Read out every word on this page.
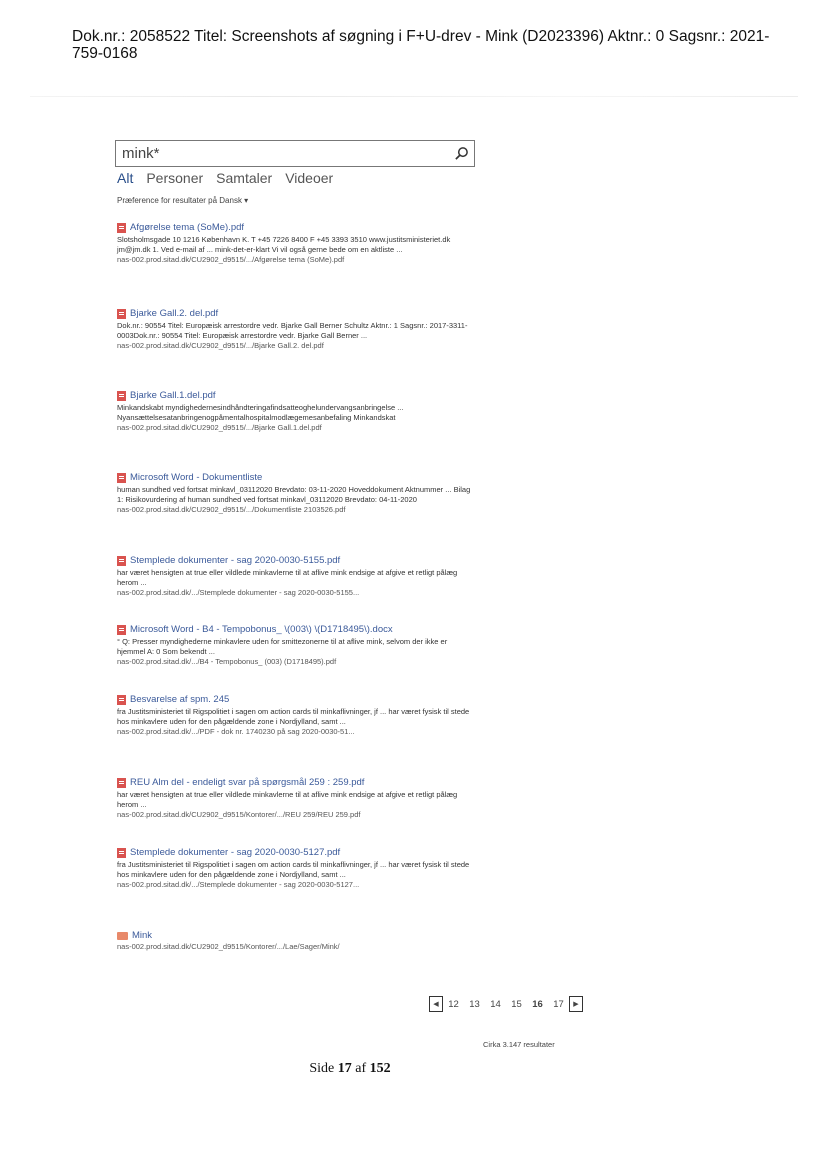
Dok.nr.: 2058522 Titel: Screenshots af søgning i F+U-drev - Mink (D2023396) Aktnr.: 0 Sagsnr.: 2021-759-0168
mink*
Alt Personer Samtaler Videoer
Præference for resultater på Dansk ▾
Afgørelse tema (SoMe).pdf
Slotsholmsgade 10 1216 København K. T +45 7226 8400 F +45 3393 3510 www.justitsministeriet.dk jm@jm.dk 1. Ved e-mail af ... mink-det-er-klart Vi vil også gerne bede om en aktliste ...
nas-002.prod.sitad.dk/CU2902_d9515/.../Afgørelse tema (SoMe).pdf
Bjarke Gall.2. del.pdf
Dok.nr.: 90554 Titel: Europæisk arrestordre vedr. Bjarke Gall Berner Schultz Aktnr.: 1 Sagsnr.: 2017-3311-0003Dok.nr.: 90554 Titel: Europæisk arrestordre vedr. Bjarke Gall Berner ...
nas-002.prod.sitad.dk/CU2902_d9515/.../Bjarke Gall.2. del.pdf
Bjarke Gall.1.del.pdf
Minkandskabt myndighedernesindhåndteringafindsatteoghelundervangsanbringelse ... Nyansættelsesatanbringenogpåmentalhospitalmodlægemesanbefaling Minkandskat
nas-002.prod.sitad.dk/CU2902_d9515/.../Bjarke Gall.1.del.pdf
Microsoft Word - Dokumentliste
human sundhed ved fortsat minkavl_03112020 Brevdato: 03-11-2020 Hoveddokument Aktnummer ... Bilag 1: Risikovurdering af human sundhed ved fortsat minkavl_03112020 Brevdato: 04-11-2020
nas-002.prod.sitad.dk/CU2902_d9515/.../Dokumentliste 2103526.pdf
Stemplede dokumenter - sag 2020-0030-5155.pdf
har været hensigten at true eller vildlede minkavlerne til at aflive mink endsige at afgive et retligt pålæg herom ...
nas-002.prod.sitad.dk/.../Stemplede dokumenter - sag 2020-0030-5155...
Microsoft Word - B4 - Tempobonus_ \(003\) \(D1718495\).docx
° Q: Presser myndighederne minkavlere uden for smittezonerne til at aflive mink, selvom der ikke er hjemmel A: 0 Som bekendt ...
nas-002.prod.sitad.dk/.../B4 - Tempobonus_ (003) (D1718495).pdf
Besvarelse af spm. 245
fra Justitsministeriet til Rigspolitiet i sagen om action cards til minkaflivninger, jf ... har været fysisk til stede hos minkavlere uden for den pågældende zone i Nordjylland, samt ...
nas-002.prod.sitad.dk/.../PDF - dok nr. 1740230 på sag 2020-0030-51...
REU Alm del - endeligt svar på spørgsmål 259 : 259.pdf
har været hensigten at true eller vildlede minkavlerne til at aflive mink endsige at afgive et retligt pålæg herom ...
nas-002.prod.sitad.dk/CU2902_d9515/Kontorer/.../REU 259/REU 259.pdf
Stemplede dokumenter - sag 2020-0030-5127.pdf
fra Justitsministeriet til Rigspolitiet i sagen om action cards til minkaflivninger, jf ... har været fysisk til stede hos minkavlere uden for den pågældende zone i Nordjylland, samt ...
nas-002.prod.sitad.dk/.../Stemplede dokumenter - sag 2020-0030-5127...
Mink
nas-002.prod.sitad.dk/CU2902_d9515/Kontorer/.../Lae/Sager/Mink/
◀	12	13	14	15	16	17	▶
Cirka 3.147 resultater
Side 17 af 152
